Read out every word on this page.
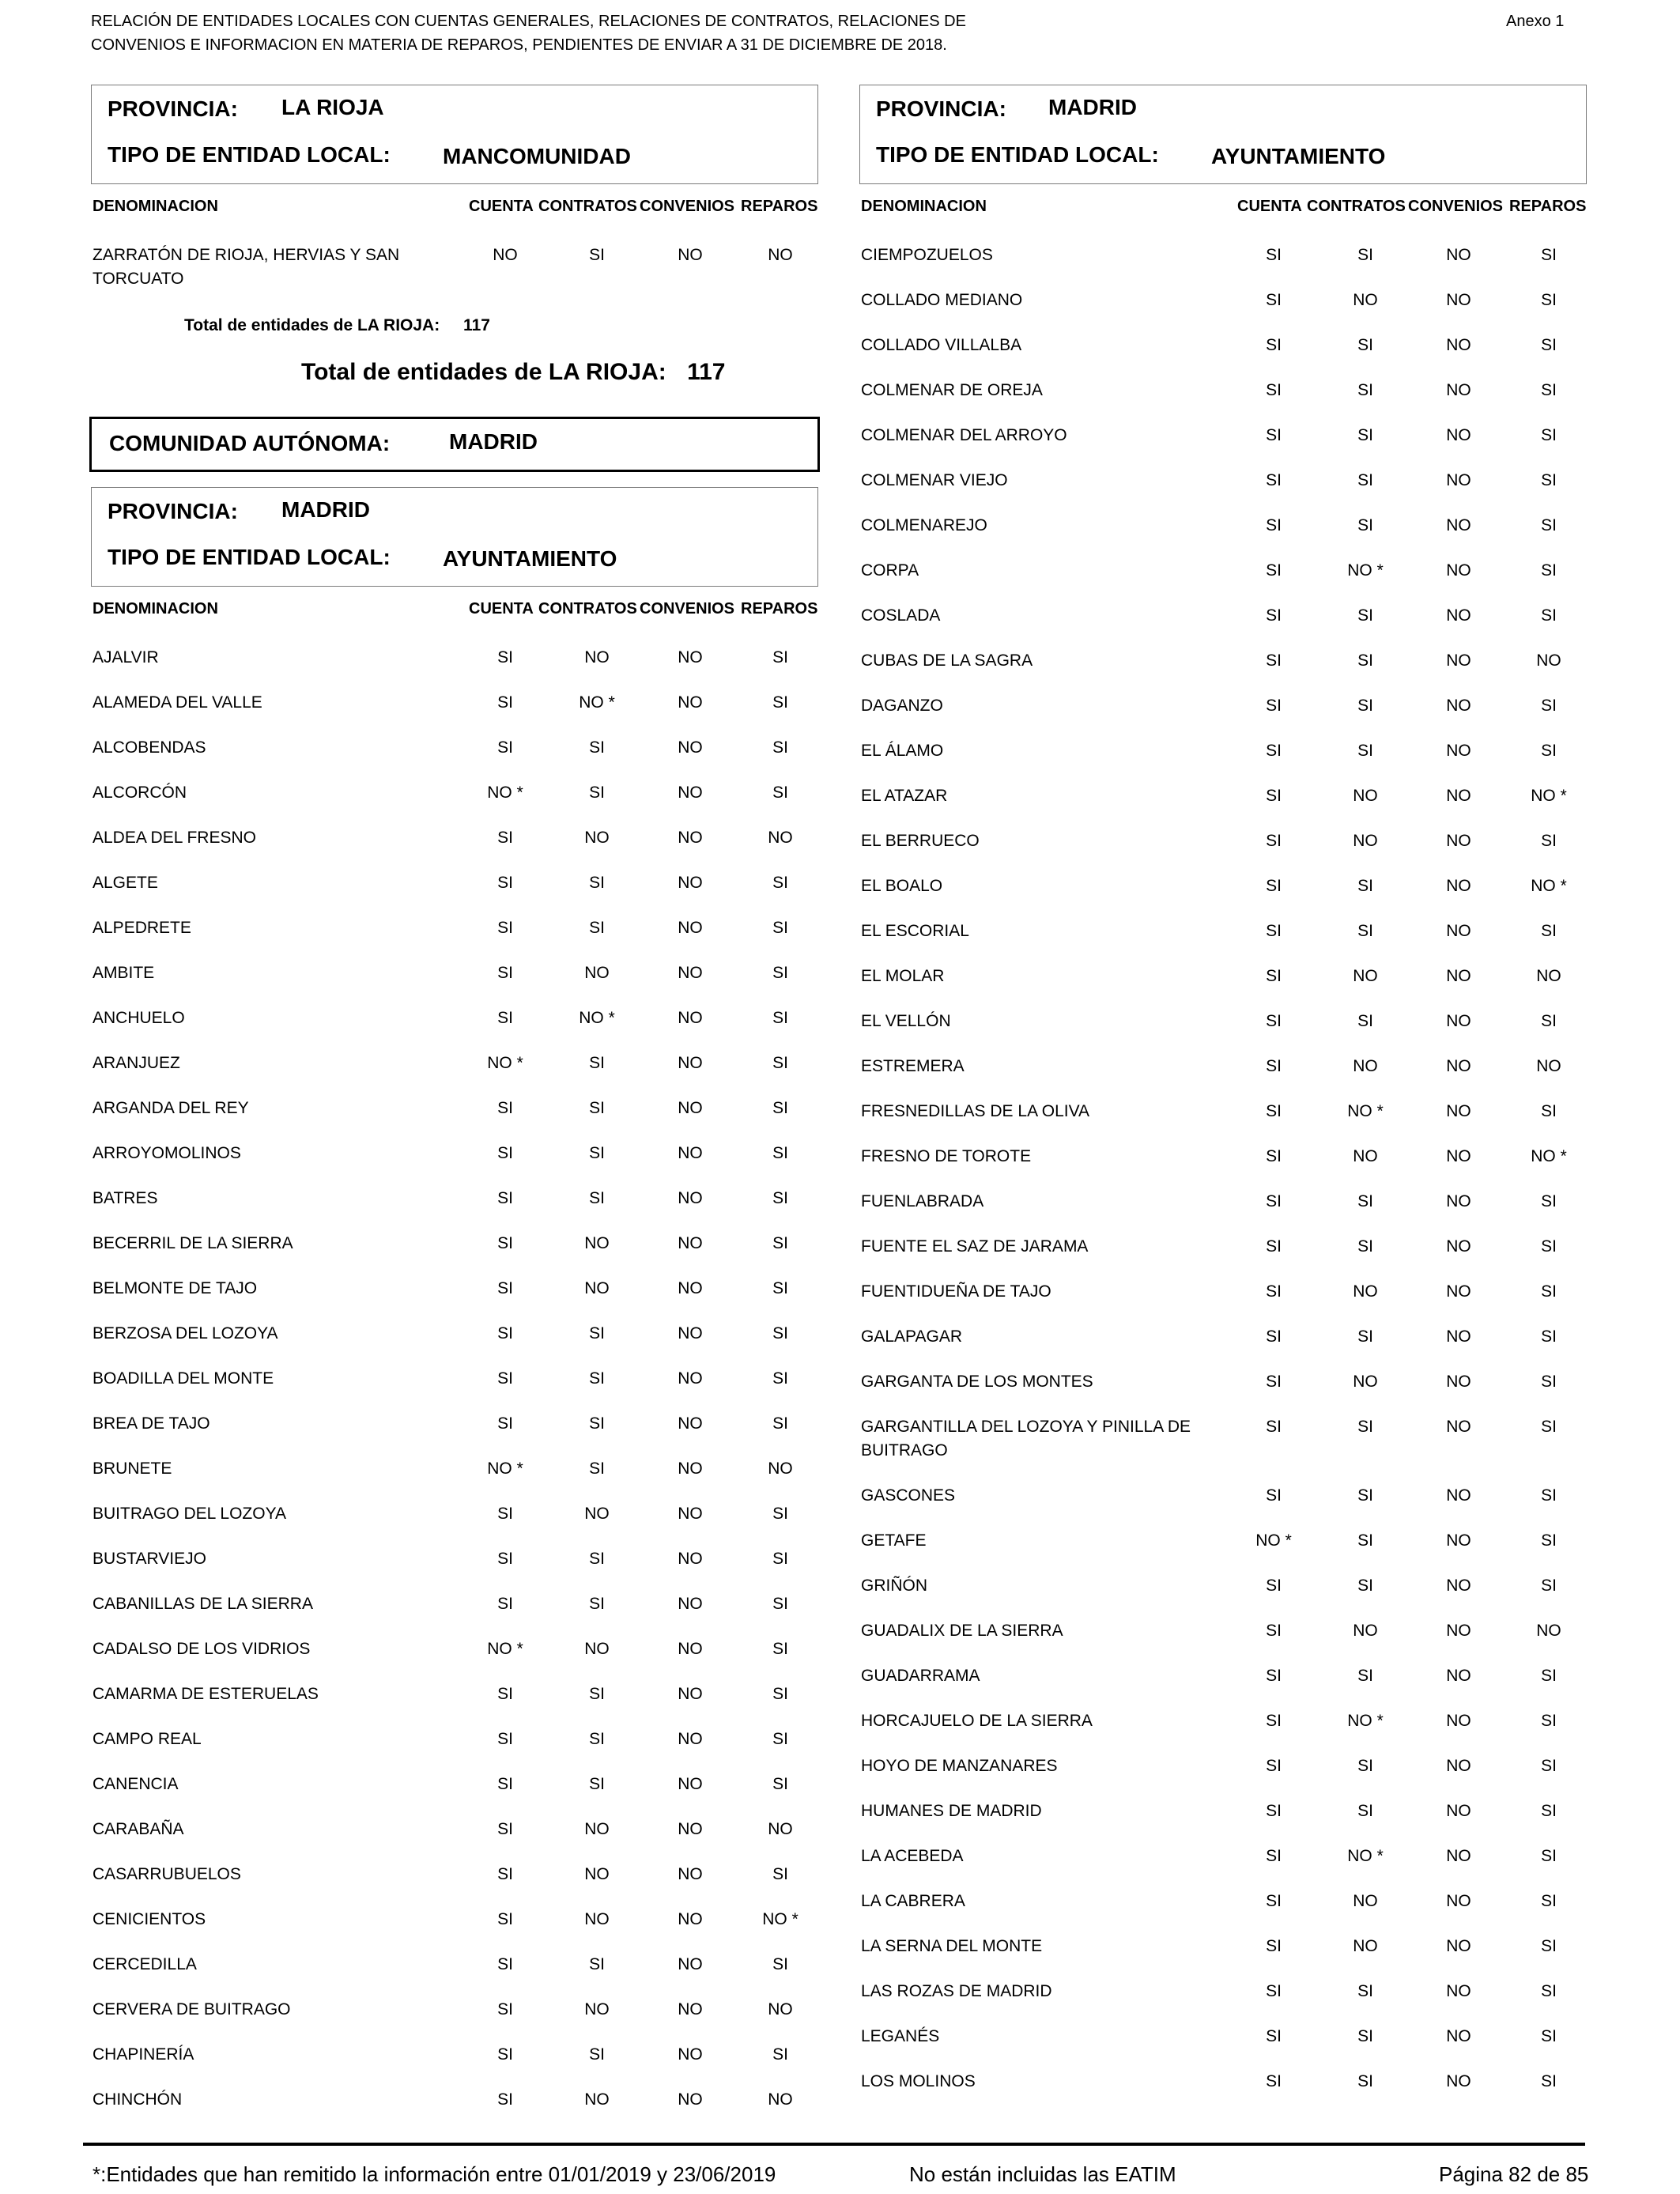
RELACIÓN DE ENTIDADES LOCALES CON CUENTAS GENERALES, RELACIONES DE CONTRATOS, RELACIONES DE
CONVENIOS E INFORMACION EN MATERIA DE REPAROS, PENDIENTES DE ENVIAR A 31 DE DICIEMBRE DE 2018.
Anexo 1
PROVINCIA: LA RIOJA
TIPO DE ENTIDAD LOCAL: MANCOMUNIDAD
DENOMINACION	CUENTA CONTRATOS CONVENIOS REPAROS
ZARRATÓN DE RIOJA, HERVIAS Y SAN
TORCUATO
NO	SI	NO	NO
Total de entidades de LA RIOJA: 117
Total de entidades de LA RIOJA: 117
COMUNIDAD AUTÓNOMA:	MADRID
PROVINCIA: MADRID
TIPO DE ENTIDAD LOCAL: AYUNTAMIENTO
DENOMINACION	CUENTA CONTRATOS CONVENIOS REPAROS
AJALVIR	SI	NO	NO	SI
ALAMEDA DEL VALLE	SI	NO *	NO	SI
ALCOBENDAS	SI	SI	NO	SI
ALCORCÓN	NO *	SI	NO	SI
ALDEA DEL FRESNO	SI	NO	NO	NO
ALGETE	SI	SI	NO	SI
ALPEDRETE	SI	SI	NO	SI
AMBITE	SI	NO	NO	SI
ANCHUELO	SI	NO *	NO	SI
ARANJUEZ	NO *	SI	NO	SI
ARGANDA DEL REY	SI	SI	NO	SI
ARROYOMOLINOS	SI	SI	NO	SI
BATRES	SI	SI	NO	SI
BECERRIL DE LA SIERRA	SI	NO	NO	SI
BELMONTE DE TAJO	SI	NO	NO	SI
BERZOSA DEL LOZOYA	SI	SI	NO	SI
BOADILLA DEL MONTE	SI	SI	NO	SI
BREA DE TAJO	SI	SI	NO	SI
BRUNETE	NO *	SI	NO	NO
BUITRAGO DEL LOZOYA	SI	NO	NO	SI
BUSTARVIEJO	SI	SI	NO	SI
CABANILLAS DE LA SIERRA	SI	SI	NO	SI
CADALSO DE LOS VIDRIOS	NO *	NO	NO	SI
CAMARMA DE ESTERUELAS	SI	SI	NO	SI
CAMPO REAL	SI	SI	NO	SI
CANENCIA	SI	SI	NO	SI
CARABAÑA	SI	NO	NO	NO
CASARRUBUELOS	SI	NO	NO	SI
CENICIENTOS	SI	NO	NO	NO *
CERCEDILLA	SI	SI	NO	SI
CERVERA DE BUITRAGO	SI	NO	NO	NO
CHAPINERÍA	SI	SI	NO	SI
CHINCHÓN	SI	NO	NO	NO
PROVINCIA: MADRID
TIPO DE ENTIDAD LOCAL: AYUNTAMIENTO
DENOMINACION	CUENTA CONTRATOS CONVENIOS REPAROS
CIEMPOZUELOS	SI	SI	NO	SI
COLLADO MEDIANO	SI	NO	NO	SI
COLLADO VILLALBA	SI	SI	NO	SI
COLMENAR DE OREJA	SI	SI	NO	SI
COLMENAR DEL ARROYO	SI	SI	NO	SI
COLMENAR VIEJO	SI	SI	NO	SI
COLMENAREJO	SI	SI	NO	SI
CORPA	SI	NO *	NO	SI
COSLADA	SI	SI	NO	SI
CUBAS DE LA SAGRA	SI	SI	NO	NO
DAGANZO	SI	SI	NO	SI
EL ÁLAMO	SI	SI	NO	SI
EL ATAZAR	SI	NO	NO	NO *
EL BERRUECO	SI	NO	NO	SI
EL BOALO	SI	SI	NO	NO *
EL ESCORIAL	SI	SI	NO	SI
EL MOLAR	SI	NO	NO	NO
EL VELLÓN	SI	SI	NO	SI
ESTREMERA	SI	NO	NO	NO
FRESNEDILLAS DE LA OLIVA	SI	NO *	NO	SI
FRESNO DE TOROTE	SI	NO	NO	NO *
FUENLABRADA	SI	SI	NO	SI
FUENTE EL SAZ DE JARAMA	SI	SI	NO	SI
FUENTIDUEÑA DE TAJO	SI	NO	NO	SI
GALAPAGAR	SI	SI	NO	SI
GARGANTA DE LOS MONTES	SI	NO	NO	SI
GARGANTILLA DEL LOZOYA Y PINILLA DE
BUITRAGO
SI	SI	NO	SI
GASCONES	SI	SI	NO	SI
GETAFE	NO *	SI	NO	SI
GRIÑÓN	SI	SI	NO	SI
GUADALIX DE LA SIERRA	SI	NO	NO	NO
GUADARRAMA	SI	SI	NO	SI
HORCAJUELO DE LA SIERRA	SI	NO *	NO	SI
HOYO DE MANZANARES	SI	SI	NO	SI
HUMANES DE MADRID	SI	SI	NO	SI
LA ACEBEDA	SI	NO *	NO	SI
LA CABRERA	SI	NO	NO	SI
LA SERNA DEL MONTE	SI	NO	NO	SI
LAS ROZAS DE MADRID	SI	SI	NO	SI
LEGANÉS	SI	SI	NO	SI
LOS MOLINOS	SI	SI	NO	SI
*:Entidades que han remitido la información entre 01/01/2019 y 23/06/2019	No están incluidas las EATIM	Página 82 de 85
